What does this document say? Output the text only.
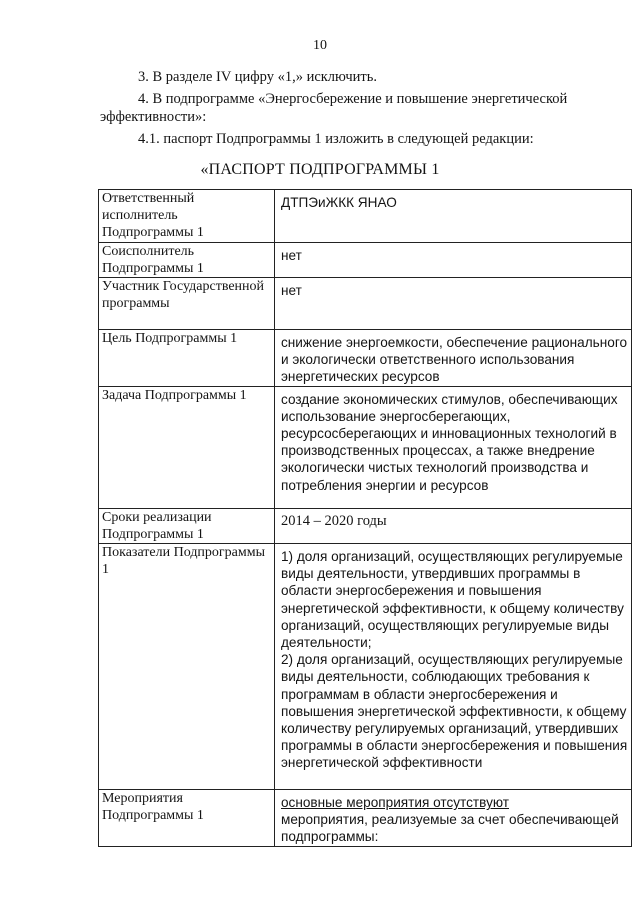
10

3. В разделе IV цифру «1,» исключить.

4. В подпрограмме «Энергосбережение и повышение энергетической
эффективности»:

4.1. паспорт Подпрограммы 1 изложить в следующей редакции:

«ПАСПОРТ ПОДПРОГРАММЫ 1
Ответственный исполнитель Подпрограммы 1	ДТПЭиЖКК ЯНАО
Соисполнитель Подпрограммы 1	нет
Участник Государственной программы	нет
Цель Подпрограммы 1	снижение энергоемкости, обеспечение рационального и экологически ответственного использования энергетических ресурсов
Задача Подпрограммы 1	создание экономических стимулов, обеспечивающих использование энергосберегающих, ресурсосберегающих и инновационных технологий в производственных процессах, а также внедрение экологически чистых технологий производства и потребления энергии и ресурсов
Сроки реализации Подпрограммы 1	2014 – 2020 годы
Показатели Подпрограммы 1	1) доля организаций, осуществляющих регулируемые виды деятельности, утвердивших программы в области энергосбережения и повышения энергетической эффективности, к общему количеству организаций, осуществляющих регулируемые виды деятельности;
2) доля организаций, осуществляющих регулируемые виды деятельности, соблюдающих требования к программам в области энергосбережения и повышения энергетической эффективности, к общему количеству регулируемых организаций, утвердивших программы в области энергосбережения и повышения энергетической эффективности

Мероприятия Подпрограммы 1	основные мероприятия отсутствуют
мероприятия, реализуемые за счет обеспечивающей подпрограммы:
